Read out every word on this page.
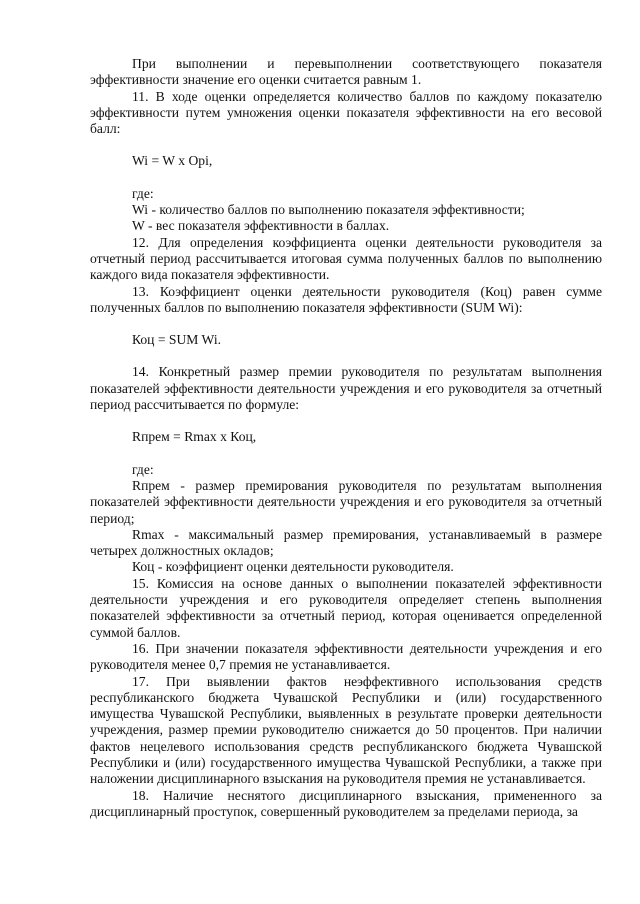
При выполнении и перевыполнении соответствующего показателя эффективности значение его оценки считается равным 1.

11. В ходе оценки определяется количество баллов по каждому показателю эффективности путем умножения оценки показателя эффективности на его весовой балл:

Wi = W x Opi,

где:

Wi - количество баллов по выполнению показателя эффективности;

W - вес показателя эффективности в баллах.

12. Для определения коэффициента оценки деятельности руководителя за отчетный период рассчитывается итоговая сумма полученных баллов по выполнению каждого вида показателя эффективности.

13. Коэффициент оценки деятельности руководителя (Коц) равен сумме полученных баллов по выполнению показателя эффективности (SUM Wi):

Коц = SUM Wi.

14. Конкретный размер премии руководителя по результатам выполнения показателей эффективности деятельности учреждения и его руководителя за отчетный период рассчитывается по формуле:

Rпрем = Rmax x Коц,

где:

Rпрем - размер премирования руководителя по результатам выполнения показателей эффективности деятельности учреждения и его руководителя за отчетный период;

Rmax - максимальный размер премирования, устанавливаемый в размере четырех должностных окладов;

Коц - коэффициент оценки деятельности руководителя.

15. Комиссия на основе данных о выполнении показателей эффективности деятельности учреждения и его руководителя определяет степень выполнения показателей эффективности за отчетный период, которая оценивается определенной суммой баллов.

16. При значении показателя эффективности деятельности учреждения и его руководителя менее 0,7 премия не устанавливается.

17. При выявлении фактов неэффективного использования средств республиканского бюджета Чувашской Республики и (или) государственного имущества Чувашской Республики, выявленных в результате проверки деятельности учреждения, размер премии руководителю снижается до 50 процентов. При наличии фактов нецелевого использования средств республиканского бюджета Чувашской Республики и (или) государственного имущества Чувашской Республики, а также при наложении дисциплинарного взыскания на руководителя премия не устанавливается.

18. Наличие неснятого дисциплинарного взыскания, примененного за дисциплинарный проступок, совершенный руководителем за пределами периода, за
